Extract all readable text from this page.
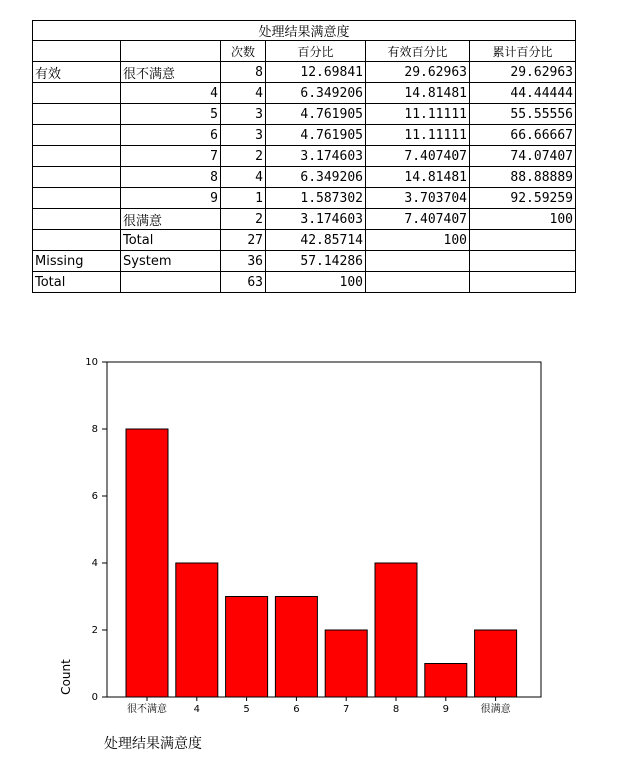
处理结果满意度					
		次数	百分比	有效百分比	累计百分比
有效	很不满意	8	12.69841	29.62963	29.62963
	4	4	6.349206	14.81481	44.44444
	5	3	4.761905	11.11111	55.55556
	6	3	4.761905	11.11111	66.66667
	7	2	3.174603	7.407407	74.07407
	8	4	6.349206	14.81481	88.88889
	9	1	1.587302	3.703704	92.59259
	很满意	2	3.174603	7.407407	100
	Total	27	42.85714	100	
Missing	System	36	57.14286		
Total		63	100		
0
2
4
6
8
10
很不满意	4	5	6	7	8	9	很满意
Count
处理结果满意度
